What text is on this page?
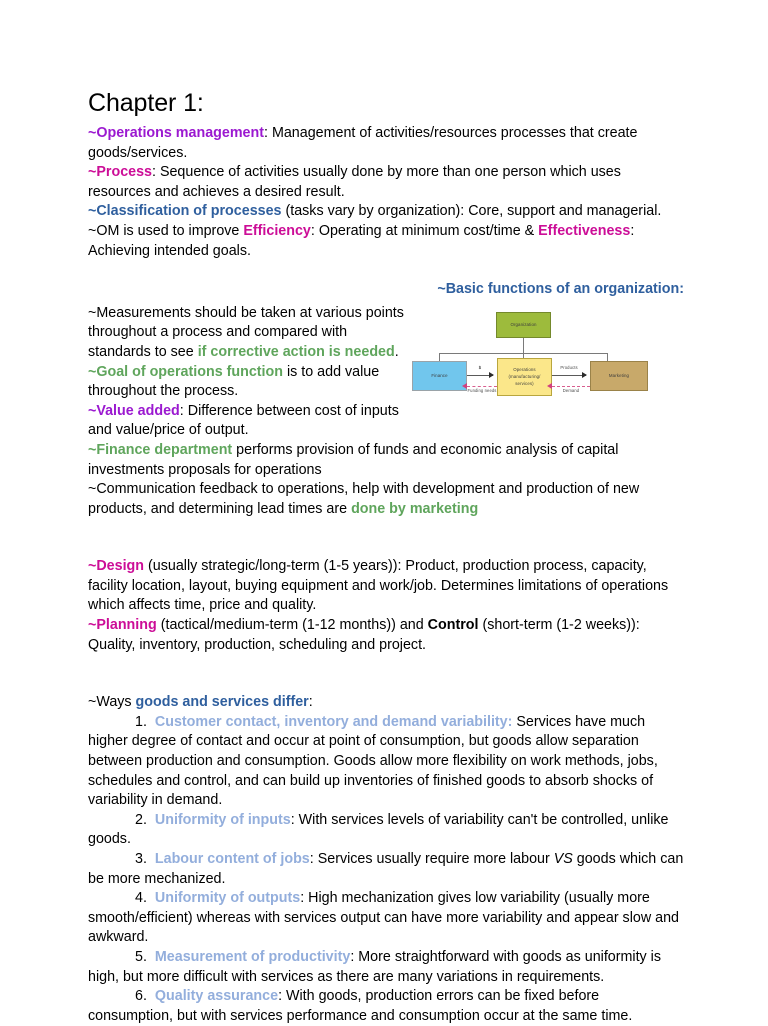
Chapter 1:

~Operations management: Management of activities/resources processes that create goods/services.

~Process: Sequence of activities usually done by more than one person which uses resources and achieves a desired result.

~Classification of processes (tasks vary by organization): Core, support and managerial. ~OM is used to improve Efficiency: Operating at minimum cost/time & Effectiveness: Achieving intended goals.

~Basic functions of an organization:

Organization
Finance
Operations
(manufacturing/
services)
Marketing
$
Funding needs
Products
Demand

~Measurements should be taken at various points throughout a process and compared with standards to see if corrective action is needed.

~Goal of operations function is to add value throughout the process.

~Value added: Difference between cost of inputs and value/price of output.

~Finance department performs provision of funds and economic analysis of capital investments proposals for operations

~Communication feedback to operations, help with development and production of new products, and determining lead times are done by marketing

~Design (usually strategic/long-term (1-5 years)): Product, production process, capacity, facility location, layout, buying equipment and work/job. Determines limitations of operations which affects time, price and quality.

~Planning (tactical/medium-term (1-12 months)) and Control (short-term (1-2 weeks)): Quality, inventory, production, scheduling and project.

~Ways goods and services differ:

1. Customer contact, inventory and demand variability: Services have much higher degree of contact and occur at point of consumption, but goods allow separation between production and consumption. Goods allow more flexibility on work methods, jobs, schedules and control, and can build up inventories of finished goods to absorb shocks of variability in demand.
2. Uniformity of inputs: With services levels of variability can't be controlled, unlike goods.
3. Labour content of jobs: Services usually require more labour VS goods which can be more mechanized.
4. Uniformity of outputs: High mechanization gives low variability (usually more smooth/efficient) whereas with services output can have more variability and appear slow and awkward.
5. Measurement of productivity: More straightforward with goods as uniformity is high, but more difficult with services as there are many variations in requirements.
6. Quality assurance: With goods, production errors can be fixed before consumption, but with services performance and consumption occur at the same time.
